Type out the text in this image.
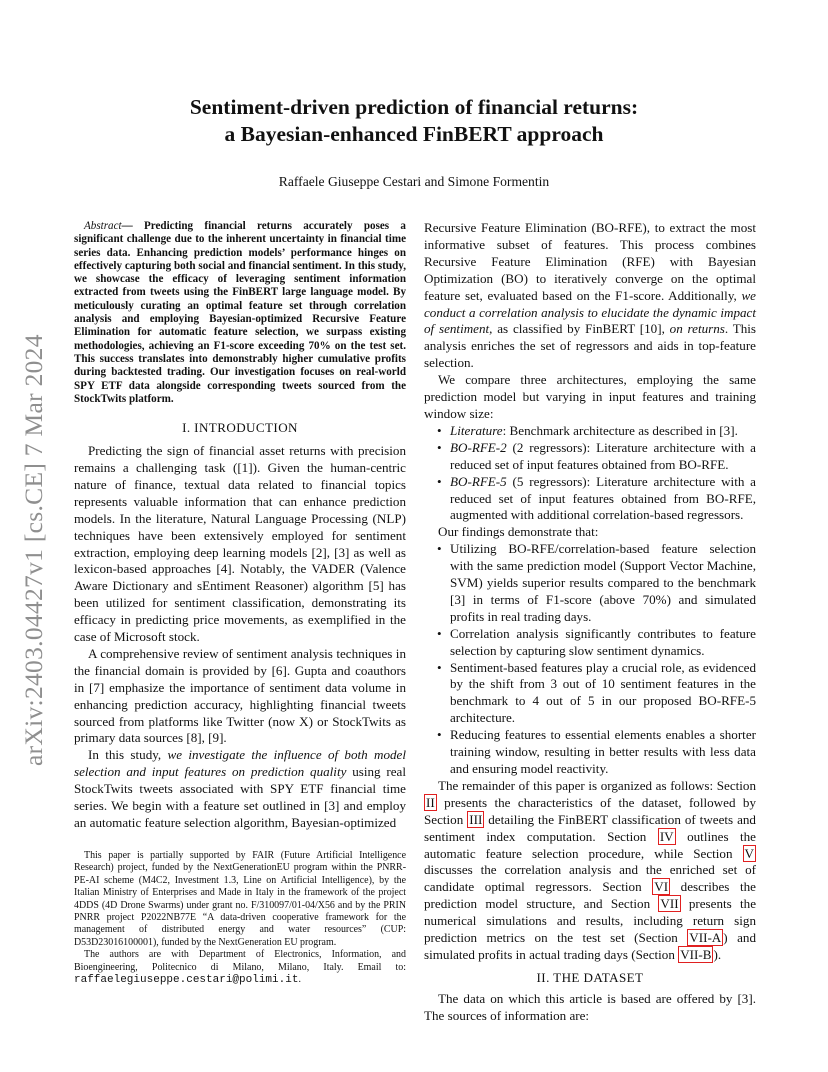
arXiv:2403.04427v1 [cs.CE] 7 Mar 2024
Sentiment-driven prediction of financial returns:
a Bayesian-enhanced FinBERT approach
Raffaele Giuseppe Cestari and Simone Formentin

Abstract— Predicting financial returns accurately poses a significant challenge due to the inherent uncertainty in financial time series data. Enhancing prediction models’ performance hinges on effectively capturing both social and financial sentiment. In this study, we showcase the efficacy of leveraging sentiment information extracted from tweets using the FinBERT large language model. By meticulously curating an optimal feature set through correlation analysis and employing Bayesian-optimized Recursive Feature Elimination for automatic feature selection, we surpass existing methodologies, achieving an F1-score exceeding 70% on the test set. This success translates into demonstrably higher cumulative profits during backtested trading. Our investigation focuses on real-world SPY ETF data alongside corresponding tweets sourced from the StockTwits platform.

I. INTRODUCTION

Predicting the sign of financial asset returns with precision remains a challenging task ([1]). Given the human-centric nature of finance, textual data related to financial topics represents valuable information that can enhance prediction models. In the literature, Natural Language Processing (NLP) techniques have been extensively employed for sentiment extraction, employing deep learning models [2], [3] as well as lexicon-based approaches [4]. Notably, the VADER (Valence Aware Dictionary and sEntiment Reasoner) algorithm [5] has been utilized for sentiment classification, demonstrating its efficacy in predicting price movements, as exemplified in the case of Microsoft stock.

A comprehensive review of sentiment analysis techniques in the financial domain is provided by [6]. Gupta and coauthors in [7] emphasize the importance of sentiment data volume in enhancing prediction accuracy, highlighting financial tweets sourced from platforms like Twitter (now X) or StockTwits as primary data sources [8], [9].

In this study, we investigate the influence of both model selection and input features on prediction quality using real StockTwits tweets associated with SPY ETF financial time series. We begin with a feature set outlined in [3] and employ an automatic feature selection algorithm, Bayesian-optimized

This paper is partially supported by FAIR (Future Artificial Intelligence Research) project, funded by the NextGenerationEU program within the PNRR-PE-AI scheme (M4C2, Investment 1.3, Line on Artificial Intelligence), by the Italian Ministry of Enterprises and Made in Italy in the framework of the project 4DDS (4D Drone Swarms) under grant no. F/310097/01-04/X56 and by the PRIN PNRR project P2022NB77E “A data-driven cooperative framework for the management of distributed energy and water resources” (CUP: D53D23016100001), funded by the NextGeneration EU program.

The authors are with Department of Electronics, Information, and Bioengineering, Politecnico di Milano, Milano, Italy. Email to: raffaelegiuseppe.cestari@polimi.it.

Recursive Feature Elimination (BO-RFE), to extract the most informative subset of features. This process combines Recursive Feature Elimination (RFE) with Bayesian Optimization (BO) to iteratively converge on the optimal feature set, evaluated based on the F1-score. Additionally, we conduct a correlation analysis to elucidate the dynamic impact of sentiment, as classified by FinBERT [10], on returns. This analysis enriches the set of regressors and aids in top-feature selection.

We compare three architectures, employing the same prediction model but varying in input features and training window size:

• Literature: Benchmark architecture as described in [3].
• BO-RFE-2 (2 regressors): Literature architecture with a reduced set of input features obtained from BO-RFE.
• BO-RFE-5 (5 regressors): Literature architecture with a reduced set of input features obtained from BO-RFE, augmented with additional correlation-based regressors.

Our findings demonstrate that:

• Utilizing BO-RFE/correlation-based feature selection with the same prediction model (Support Vector Machine, SVM) yields superior results compared to the benchmark [3] in terms of F1-score (above 70%) and simulated profits in real trading days.
• Correlation analysis significantly contributes to feature selection by capturing slow sentiment dynamics.
• Sentiment-based features play a crucial role, as evidenced by the shift from 3 out of 10 sentiment features in the benchmark to 4 out of 5 in our proposed BO-RFE-5 architecture.
• Reducing features to essential elements enables a shorter training window, resulting in better results with less data and ensuring model reactivity.

The remainder of this paper is organized as follows: Section II presents the characteristics of the dataset, followed by Section III detailing the FinBERT classification of tweets and sentiment index computation. Section IV outlines the automatic feature selection procedure, while Section V discusses the correlation analysis and the enriched set of candidate optimal regressors. Section VI describes the prediction model structure, and Section VII presents the numerical simulations and results, including return sign prediction metrics on the test set (Section VII-A ) and simulated profits in actual trading days (Section VII-B ).

II. THE DATASET

The data on which this article is based are offered by [3]. The sources of information are:
